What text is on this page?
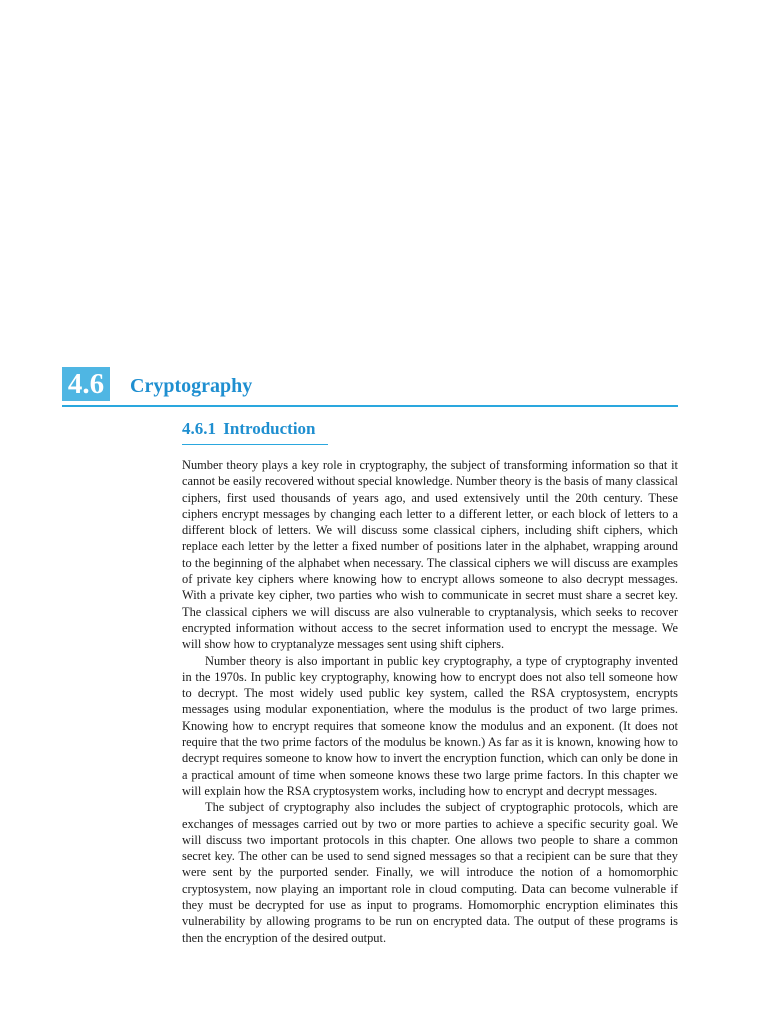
4.6 Cryptography
4.6.1 Introduction

Number theory plays a key role in cryptography, the subject of transforming information so that it cannot be easily recovered without special knowledge. Number theory is the basis of many classical ciphers, first used thousands of years ago, and used extensively until the 20th century. These ciphers encrypt messages by changing each letter to a different letter, or each block of letters to a different block of letters. We will discuss some classical ciphers, including shift ciphers, which replace each letter by the letter a fixed number of positions later in the alphabet, wrapping around to the beginning of the alphabet when necessary. The classical ciphers we will discuss are examples of private key ciphers where knowing how to encrypt allows someone to also decrypt messages. With a private key cipher, two parties who wish to communicate in secret must share a secret key. The classical ciphers we will discuss are also vulnerable to cryptanalysis, which seeks to recover encrypted information without access to the secret information used to encrypt the message. We will show how to cryptanalyze messages sent using shift ciphers.

Number theory is also important in public key cryptography, a type of cryptography invented in the 1970s. In public key cryptography, knowing how to encrypt does not also tell someone how to decrypt. The most widely used public key system, called the RSA cryptosystem, encrypts messages using modular exponentiation, where the modulus is the product of two large primes. Knowing how to encrypt requires that someone know the modulus and an exponent. (It does not require that the two prime factors of the modulus be known.) As far as it is known, knowing how to decrypt requires someone to know how to invert the encryption function, which can only be done in a practical amount of time when someone knows these two large prime factors. In this chapter we will explain how the RSA cryptosystem works, including how to encrypt and decrypt messages.

The subject of cryptography also includes the subject of cryptographic protocols, which are exchanges of messages carried out by two or more parties to achieve a specific security goal. We will discuss two important protocols in this chapter. One allows two people to share a common secret key. The other can be used to send signed messages so that a recipient can be sure that they were sent by the purported sender. Finally, we will introduce the notion of a homomorphic cryptosystem, now playing an important role in cloud computing. Data can become vulnerable if they must be decrypted for use as input to programs. Homomorphic encryption eliminates this vulnerability by allowing programs to be run on encrypted data. The output of these programs is then the encryption of the desired output.
